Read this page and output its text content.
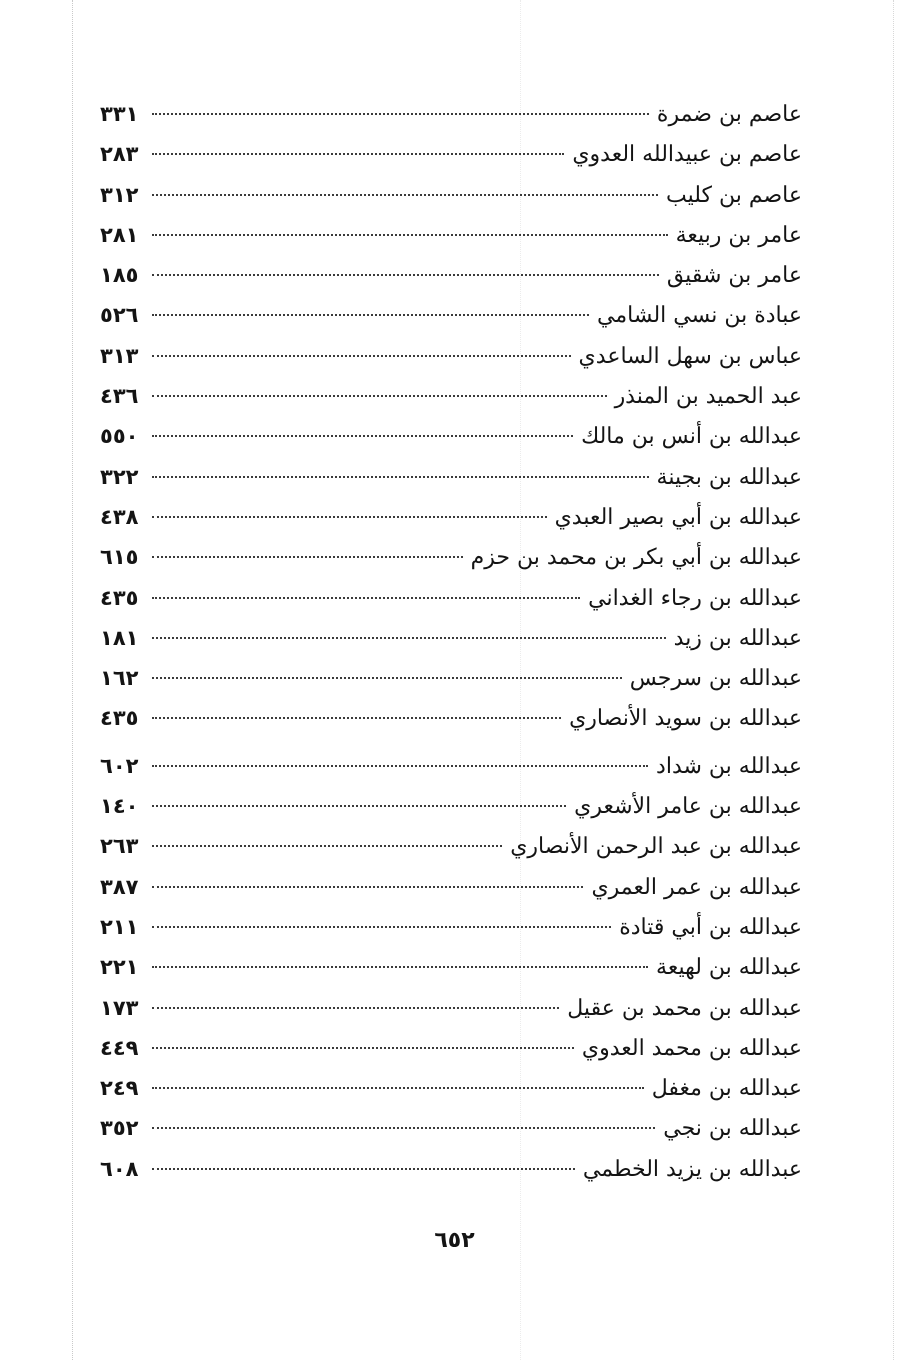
عاصم بن ضمرة
٣٣١
عاصم بن عبيدالله العدوي
٢٨٣
عاصم بن كليب
٣١٢
عامر بن ربيعة
٢٨١
عامر بن شقيق
١٨٥
عبادة بن نسي الشامي
٥٢٦
عباس بن سهل الساعدي
٣١٣
عبد الحميد بن المنذر
٤٣٦
عبدالله بن أنس بن مالك
٥٥٠
عبدالله بن بجينة
٣٢٢
عبدالله بن أبي بصير العبدي
٤٣٨
عبدالله بن أبي بكر بن محمد بن حزم
٦١٥
عبدالله بن رجاء الغداني
٤٣٥
عبدالله بن زيد
١٨١
عبدالله بن سرجس
١٦٢
عبدالله بن سويد الأنصاري
٤٣٥
عبدالله بن شداد
٦٠٢
عبدالله بن عامر الأشعري
١٤٠
عبدالله بن عبد الرحمن الأنصاري
٢٦٣
عبدالله بن عمر العمري
٣٨٧
عبدالله بن أبي قتادة
٢١١
عبدالله بن لهيعة
٢٢١
عبدالله بن محمد بن عقيل
١٧٣
عبدالله بن محمد العدوي
٤٤٩
عبدالله بن مغفل
٢٤٩
عبدالله بن نجي
٣٥٢
عبدالله بن يزيد الخطمي
٦٠٨
٦٥٢
